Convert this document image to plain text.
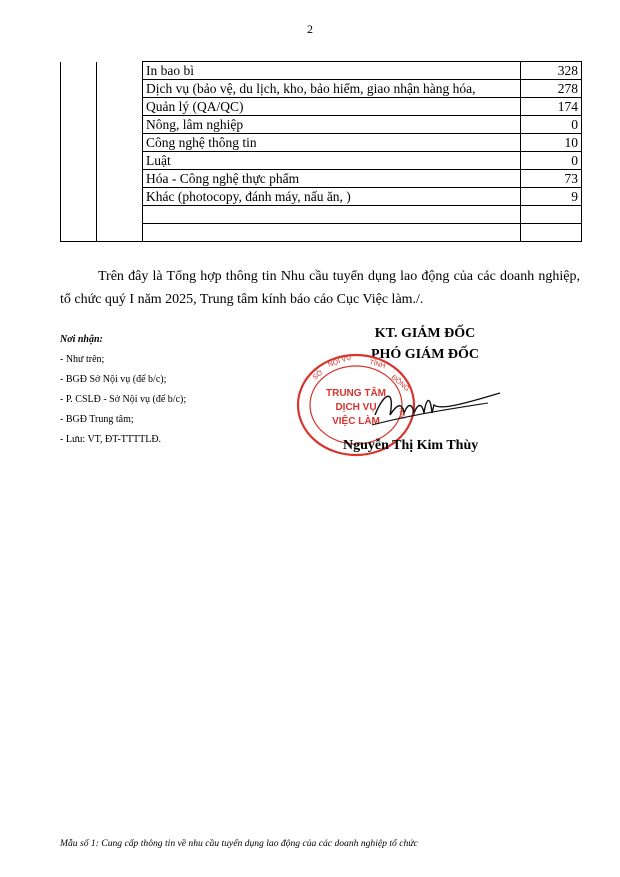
2
		In bao bì	328
		Dịch vụ (bảo vệ, du lịch, kho, bảo hiểm, giao nhận hàng hóa,	278
		Quản lý (QA/QC)	174
		Nông, lâm nghiệp	0
		Công nghệ thông tin	10
		Luật	0
		Hóa - Công nghệ thực phẩm	73
		Khác (photocopy, đánh máy, nấu ăn, )	9

Trên đây là Tổng hợp thông tin Nhu cầu tuyển dụng lao động của các doanh nghiệp, tổ chức quý I năm 2025, Trung tâm kính báo cáo Cục Việc làm./.
Nơi nhận:
- Như trên;
- BGĐ Sở Nội vụ (để b/c);
- P. CSLĐ - Sở Nội vụ (để b/c);
- BGĐ Trung tâm;
- Lưu: VT, ĐT-TTTTLĐ.
KT. GIÁM ĐỐC
PHÓ GIÁM ĐỐC
TRUNG TÂM
DỊCH VỤ
VIỆC LÀM
SỞ
NỘI VỤ TỈNH
ĐỒNG
NAI
Nguyễn Thị Kim Thùy
Mẫu số 1: Cung cấp thông tin về nhu cầu tuyển dụng lao động của các doanh nghiệp tổ chức
